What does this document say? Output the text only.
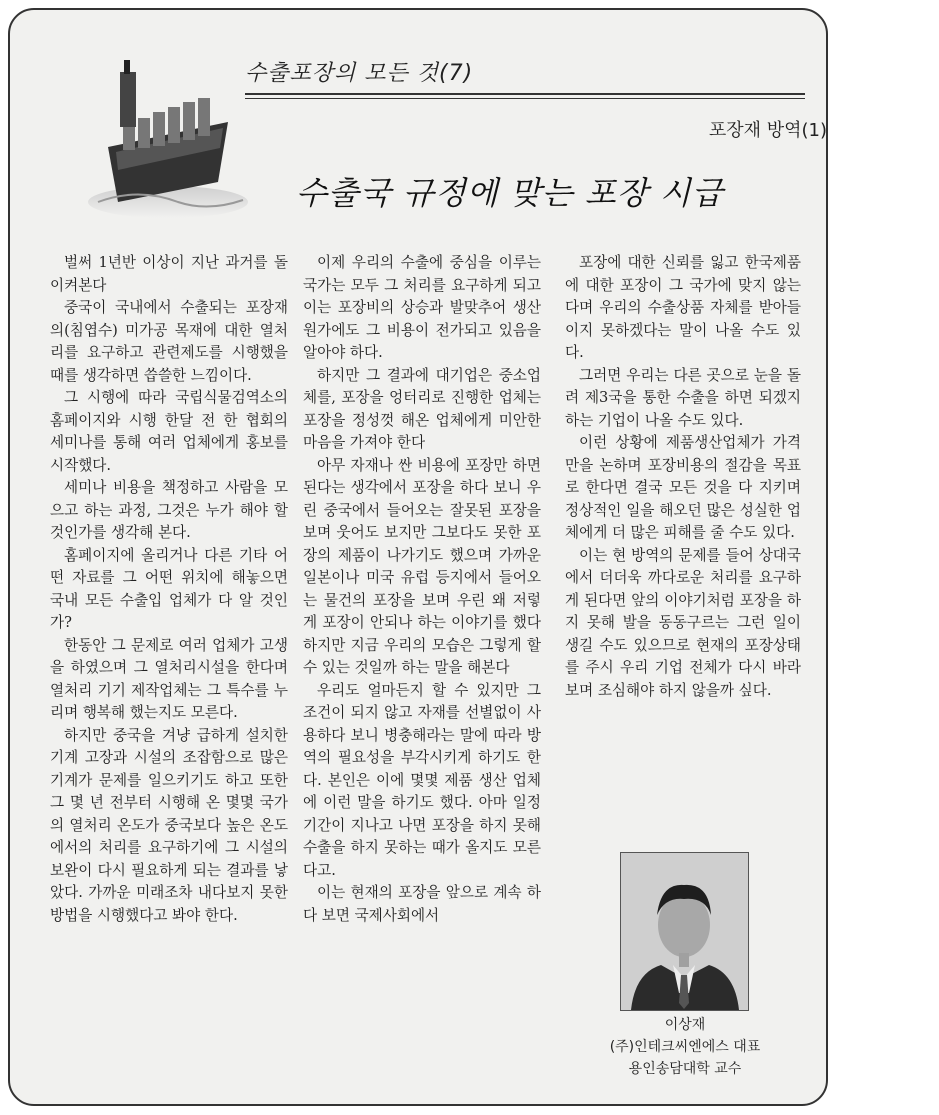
수출포장의 모든 것(7)
포장재 방역(1)
수출국 규정에 맞는 포장 시급

벌써 1년반 이상이 지난 과거를 돌이켜본다

중국이 국내에서 수출되는 포장재의(침엽수) 미가공 목재에 대한 열처리를 요구하고 관련제도를 시행했을 때를 생각하면 씁쓸한 느낌이다.

그 시행에 따라 국립식물검역소의 홈페이지와 시행 한달 전 한 협회의 세미나를 통해 여러 업체에게 홍보를 시작했다.

세미나 비용을 책정하고 사람을 모으고 하는 과정, 그것은 누가 해야 할 것인가를 생각해 본다.

홈페이지에 올리거나 다른 기타 어떤 자료를 그 어떤 위치에 해놓으면 국내 모든 수출입 업체가 다 알 것인가?

한동안 그 문제로 여러 업체가 고생을 하였으며 그 열처리시설을 한다며 열처리 기기 제작업체는 그 특수를 누리며 행복해 했는지도 모른다.

하지만 중국을 겨냥 급하게 설치한 기계 고장과 시설의 조잡함으로 많은 기계가 문제를 일으키기도 하고 또한 그 몇 년 전부터 시행해 온 몇몇 국가의 열처리 온도가 중국보다 높은 온도에서의 처리를 요구하기에 그 시설의 보완이 다시 필요하게 되는 결과를 낳았다. 가까운 미래조차 내다보지 못한 방법을 시행했다고 봐야 한다.

이제 우리의 수출에 중심을 이루는 국가는 모두 그 처리를 요구하게 되고 이는 포장비의 상승과 발맞추어 생산원가에도 그 비용이 전가되고 있음을 알아야 하다.

하지만 그 결과에 대기업은 중소업체를, 포장을 엉터리로 진행한 업체는 포장을 정성껏 해온 업체에게 미안한 마음을 가져야 한다

아무 자재나 싼 비용에 포장만 하면 된다는 생각에서 포장을 하다 보니 우린 중국에서 들어오는 잘못된 포장을 보며 웃어도 보지만 그보다도 못한 포장의 제품이 나가기도 했으며 가까운 일본이나 미국 유럽 등지에서 들어오는 물건의 포장을 보며 우린 왜 저렇게 포장이 안되나 하는 이야기를 했다 하지만 지금 우리의 모습은 그렇게 할 수 있는 것일까 하는 말을 해본다

우리도 얼마든지 할 수 있지만 그 조건이 되지 않고 자재를 선별없이 사용하다 보니 병충해라는 말에 따라 방역의 필요성을 부각시키게 하기도 한다. 본인은 이에 몇몇 제품 생산 업체에 이런 말을 하기도 했다. 아마 일정 기간이 지나고 나면 포장을 하지 못해 수출을 하지 못하는 때가 올지도 모른다고.

이는 현재의 포장을 앞으로 계속 하다 보면 국제사회에서

포장에 대한 신뢰를 잃고 한국제품에 대한 포장이 그 국가에 맞지 않는다며 우리의 수출상품 자체를 받아들이지 못하겠다는 말이 나올 수도 있다.

그러면 우리는 다른 곳으로 눈을 돌려 제3국을 통한 수출을 하면 되겠지 하는 기업이 나올 수도 있다.

이런 상황에 제품생산업체가 가격만을 논하며 포장비용의 절감을 목표로 한다면 결국 모든 것을 다 지키며 정상적인 일을 해오던 많은 성실한 업체에게 더 많은 피해를 줄 수도 있다.

이는 현 방역의 문제를 들어 상대국에서 더더욱 까다로운 처리를 요구하게 된다면 앞의 이야기처럼 포장을 하지 못해 발을 동동구르는 그런 일이 생길 수도 있으므로 현재의 포장상태를 주시 우리 기업 전체가 다시 바라보며 조심해야 하지 않을까 싶다.

이상재
(주)인테크씨엔에스 대표
용인송담대학 교수
